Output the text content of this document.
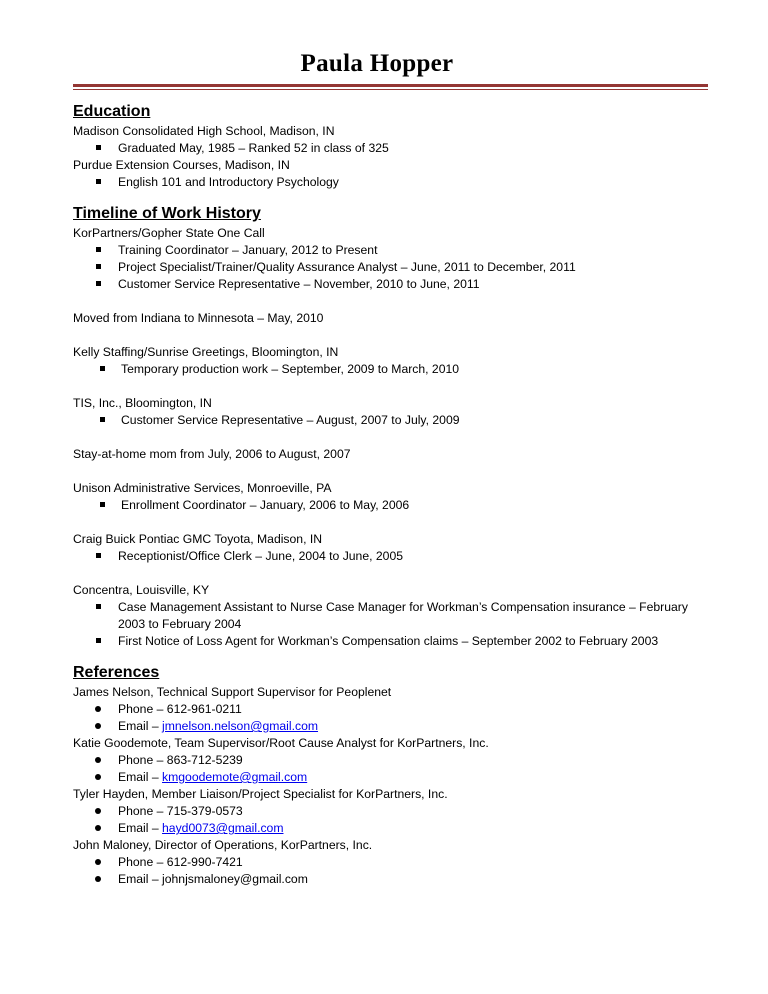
Paula Hopper
Education
Madison Consolidated High School, Madison, IN
Graduated May, 1985 – Ranked 52 in class of 325
Purdue Extension Courses, Madison, IN
English 101 and Introductory Psychology
Timeline of Work History
KorPartners/Gopher State One Call
Training Coordinator – January, 2012 to Present
Project Specialist/Trainer/Quality Assurance Analyst – June, 2011 to December, 2011
Customer Service Representative – November, 2010 to June, 2011
Moved from Indiana to Minnesota – May, 2010
Kelly Staffing/Sunrise Greetings, Bloomington, IN
Temporary production work – September, 2009 to March, 2010
TIS, Inc., Bloomington, IN
Customer Service Representative – August, 2007 to July, 2009
Stay-at-home mom from July, 2006 to August, 2007
Unison Administrative Services, Monroeville, PA
Enrollment Coordinator – January, 2006 to May, 2006
Craig Buick Pontiac GMC Toyota, Madison, IN
Receptionist/Office Clerk – June, 2004 to June, 2005
Concentra, Louisville, KY
Case Management Assistant to Nurse Case Manager for Workman’s Compensation insurance – February 2003 to February 2004
First Notice of Loss Agent for Workman’s Compensation claims – September 2002 to February 2003
References
James Nelson, Technical Support Supervisor for Peoplenet
Phone – 612-961-0211
Email – jmnelson.nelson@gmail.com
Katie Goodemote, Team Supervisor/Root Cause Analyst for KorPartners, Inc.
Phone – 863-712-5239
Email – kmgoodemote@gmail.com
Tyler Hayden, Member Liaison/Project Specialist for KorPartners, Inc.
Phone – 715-379-0573
Email – hayd0073@gmail.com
John Maloney, Director of Operations, KorPartners, Inc.
Phone – 612-990-7421
Email – johnjsmaloney@gmail.com
